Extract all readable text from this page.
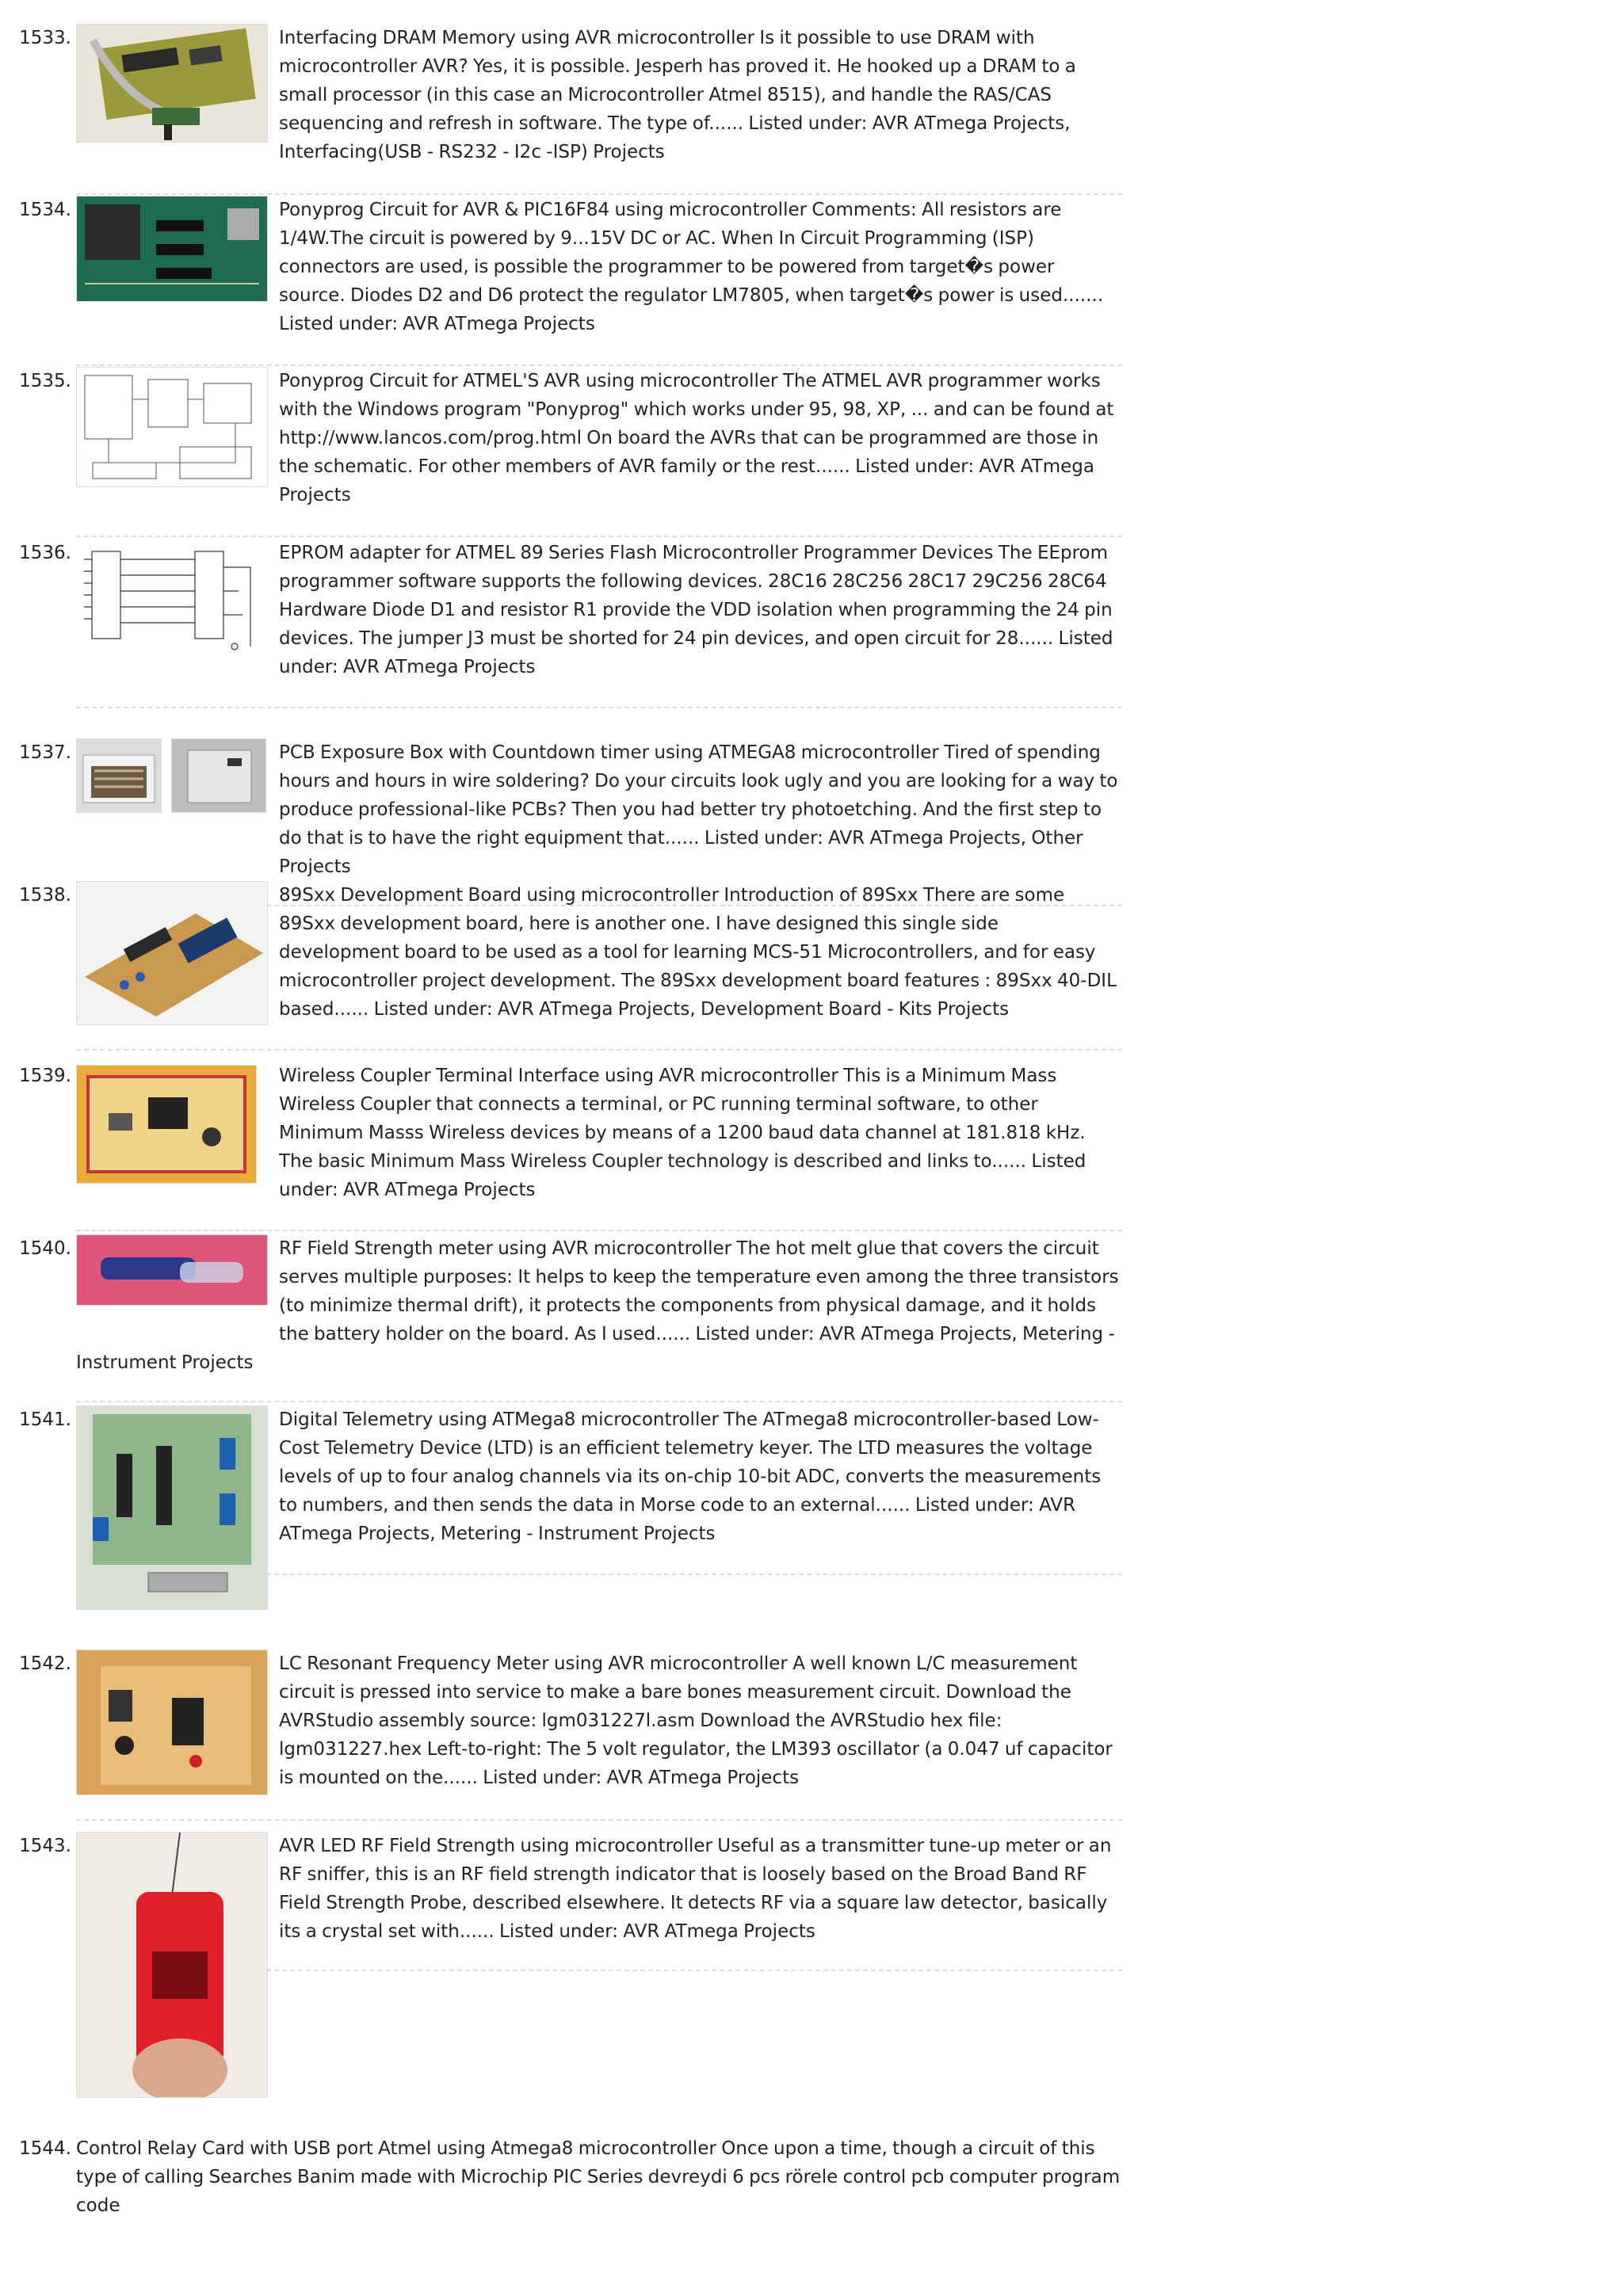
1533.	Interfacing DRAM Memory using AVR microcontroller Is it possible to use DRAM with microcontroller AVR? Yes, it is possible. Jesperh has proved it. He hooked up a DRAM to a small processor (in this case an Microcontroller Atmel 8515), and handle the RAS/CAS sequencing and refresh in software. The type of...... Listed under: AVR ATmega Projects, Interfacing(USB - RS232 - I2c -ISP) Projects
1534.	Ponyprog Circuit for AVR & PIC16F84 using microcontroller Comments: All resistors are 1/4W.The circuit is powered by 9...15V DC or AC. When In Circuit Programming (ISP) connectors are used, is possible the programmer to be powered from target�s power source. Diodes D2 and D6 protect the regulator LM7805, when target�s power is used....... Listed under: AVR ATmega Projects
1535.	Ponyprog Circuit for ATMEL'S AVR using microcontroller The ATMEL AVR programmer works with the Windows program "Ponyprog" which works under 95, 98, XP, ... and can be found at http://www.lancos.com/prog.html On board the AVRs that can be programmed are those in the schematic. For other members of AVR family or the rest...... Listed under: AVR ATmega Projects
1536.	EPROM adapter for ATMEL 89 Series Flash Microcontroller Programmer Devices The EEprom programmer software supports the following devices. 28C16 28C256 28C17 29C256 28C64 Hardware Diode D1 and resistor R1 provide the VDD isolation when programming the 24 pin devices. The jumper J3 must be shorted for 24 pin devices, and open circuit for 28...... Listed under: AVR ATmega Projects
1537.	PCB Exposure Box with Countdown timer using ATMEGA8 microcontroller Tired of spending hours and hours in wire soldering? Do your circuits look ugly and you are looking for a way to produce professional-like PCBs? Then you had better try photoetching. And the first step to do that is to have the right equipment that...... Listed under: AVR ATmega Projects, Other Projects
1538.	89Sxx Development Board using microcontroller Introduction of 89Sxx There are some 89Sxx development board, here is another one. I have designed this single side development board to be used as a tool for learning MCS-51 Microcontrollers, and for easy microcontroller project development. The 89Sxx development board features : 89Sxx 40-DIL based...... Listed under: AVR ATmega Projects, Development Board - Kits Projects
1539.	Wireless Coupler Terminal Interface using AVR microcontroller This is a Minimum Mass Wireless Coupler that connects a terminal, or PC running terminal software, to other Minimum Masss Wireless devices by means of a 1200 baud data channel at 181.818 kHz. The basic Minimum Mass Wireless Coupler technology is described and links to...... Listed under: AVR ATmega Projects
1540.	RF Field Strength meter using AVR microcontroller The hot melt glue that covers the circuit serves multiple purposes: It helps to keep the temperature even among the three transistors (to minimize thermal drift), it protects the components from physical damage, and it holds the battery holder on the board. As I used...... Listed under: AVR ATmega Projects, Metering -
Instrument Projects
1541.	Digital Telemetry using ATMega8 microcontroller The ATmega8 microcontroller-based Low-Cost Telemetry Device (LTD) is an efficient telemetry keyer. The LTD measures the voltage levels of up to four analog channels via its on-chip 10-bit ADC, converts the measurements to numbers, and then sends the data in Morse code to an external...... Listed under: AVR ATmega Projects, Metering - Instrument Projects
1542.	LC Resonant Frequency Meter using AVR microcontroller A well known L/C measurement circuit is pressed into service to make a bare bones measurement circuit. Download the AVRStudio assembly source: lgm031227l.asm Download the AVRStudio hex file: lgm031227.hex Left-to-right: The 5 volt regulator, the LM393 oscillator (a 0.047 uf capacitor is mounted on the...... Listed under: AVR ATmega Projects
1543.	AVR LED RF Field Strength using microcontroller Useful as a transmitter tune-up meter or an RF sniffer, this is an RF field strength indicator that is loosely based on the Broad Band RF Field Strength Probe, described elsewhere. It detects RF via a square law detector, basically its a crystal set with...... Listed under: AVR ATmega Projects
1544. Control Relay Card with USB port Atmel using Atmega8 microcontroller Once upon a time, though a circuit of this type of calling Searches Banim made with Microchip PIC Series devreydi 6 pcs rörele control pcb computer program code
